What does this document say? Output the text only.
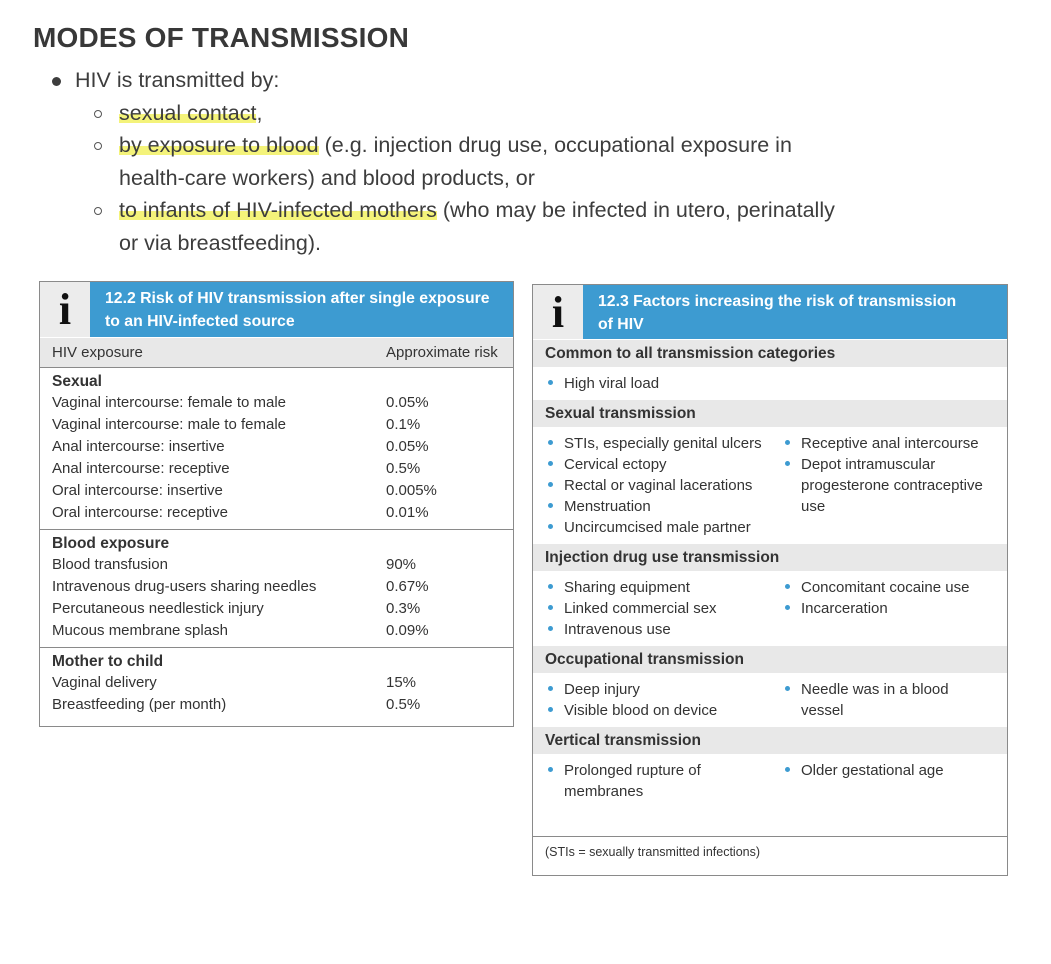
MODES OF TRANSMISSION
HIV is transmitted by:
sexual contact,
by exposure to blood (e.g. injection drug use, occupational exposure in
health-care workers) and blood products, or
to infants of HIV-infected mothers (who may be infected in utero, perinatally
or via breastfeeding).
i 12.2 Risk of HIV transmission after single exposure
to an HIV-infected source
HIV exposure	Approximate risk
Sexual
Vaginal intercourse: female to male	0.05%
Vaginal intercourse: male to female	0.1%
Anal intercourse: insertive	0.05%
Anal intercourse: receptive	0.5%
Oral intercourse: insertive	0.005%
Oral intercourse: receptive	0.01%
Blood exposure
Blood transfusion	90%
Intravenous drug-users sharing needles	0.67%
Percutaneous needlestick injury	0.3%
Mucous membrane splash	0.09%
Mother to child
Vaginal delivery	15%
Breastfeeding (per month)	0.5%
i 12.3 Factors increasing the risk of transmission
of HIV
Common to all transmission categories
High viral load
Sexual transmission
STIs, especially genital ulcers
Cervical ectopy
Rectal or vaginal lacerations
Menstruation
Uncircumcised male partner
Receptive anal intercourse
Depot intramuscular progesterone contraceptive use
Injection drug use transmission
Sharing equipment
Linked commercial sex
Intravenous use
Concomitant cocaine use
Incarceration
Occupational transmission
Deep injury
Visible blood on device
Needle was in a blood vessel
Vertical transmission
Prolonged rupture of membranes
Older gestational age
(STIs = sexually transmitted infections)
